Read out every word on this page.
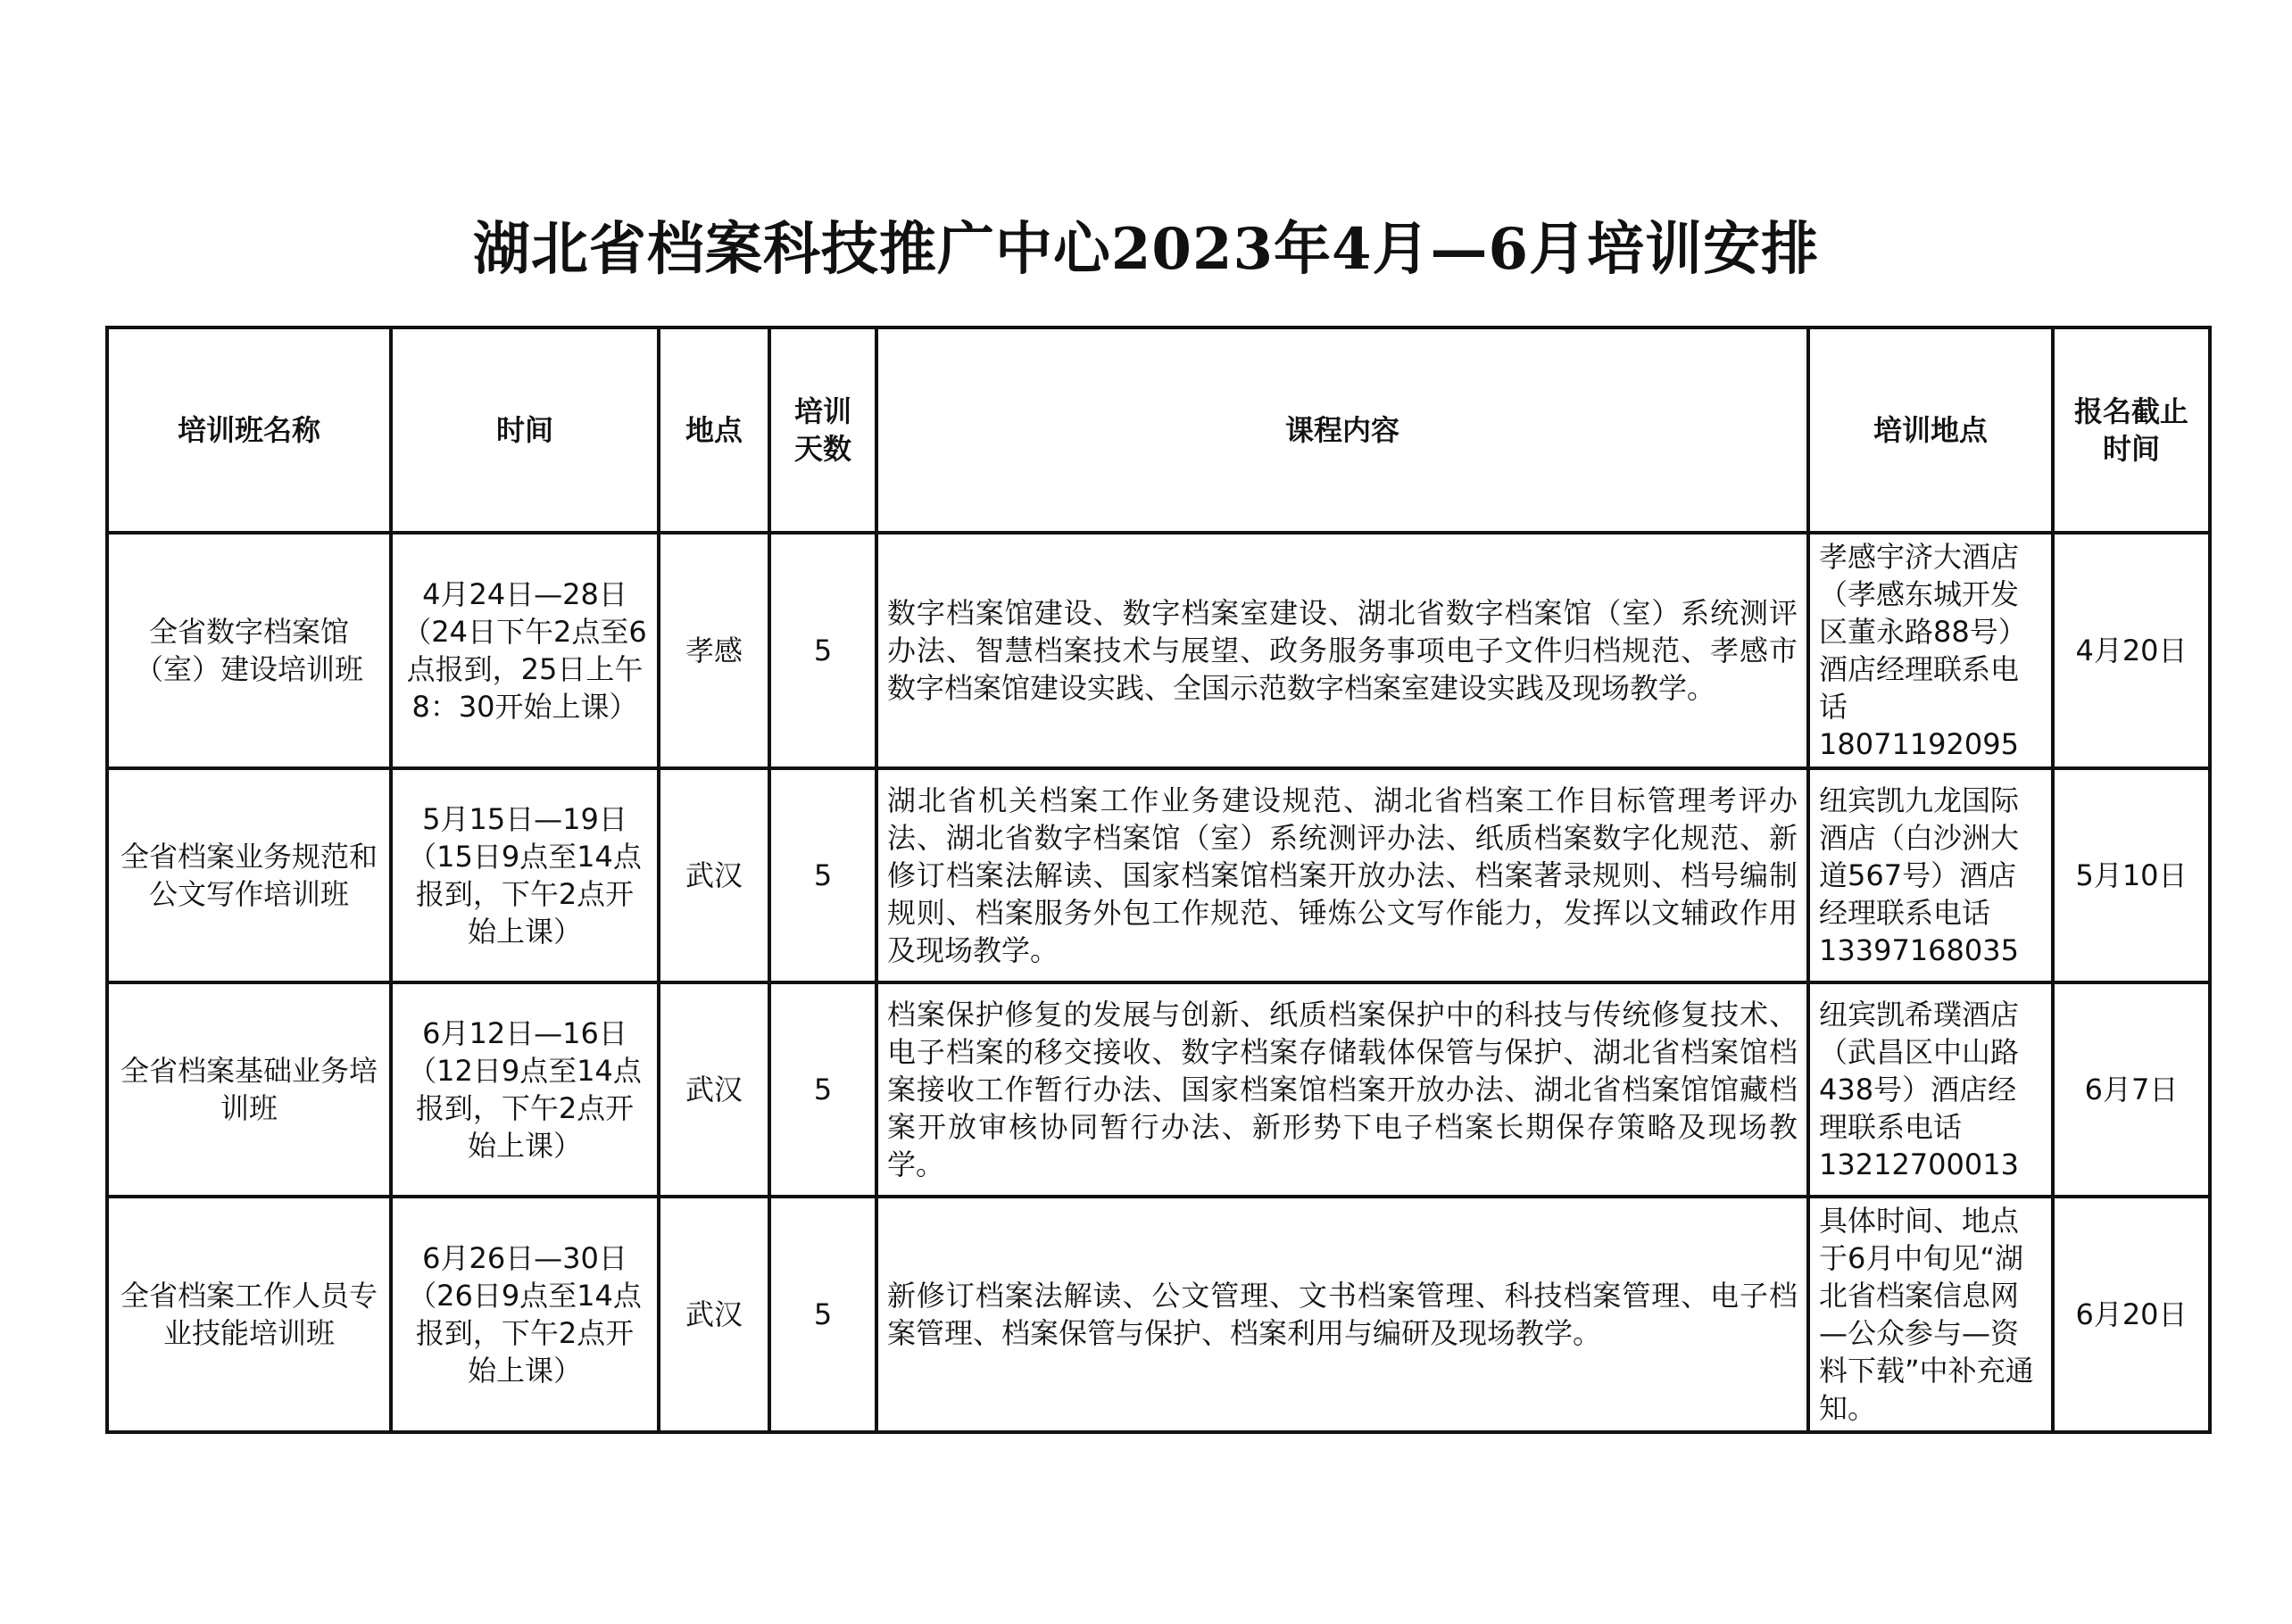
湖北省档案科技推广中心2023年4月—6月培训安排
培训班名称	时间	地点	培训天数	课程内容	培训地点	报名截止时间
全省数字档案馆（室）建设培训班	4月24日—28日（24日下午2点至6点报到，25日上午8：30开始上课）	孝感	5	数字档案馆建设、数字档案室建设、湖北省数字档案馆（室）系统测评办法、智慧档案技术与展望、政务服务事项电子文件归档规范、孝感市数字档案馆建设实践、全国示范数字档案室建设实践及现场教学。	孝感宇济大酒店（孝感东城开发区董永路88号）酒店经理联系电话18071192095	4月20日
全省档案业务规范和公文写作培训班	5月15日—19日（15日9点至14点报到，下午2点开始上课）	武汉	5	湖北省机关档案工作业务建设规范、湖北省档案工作目标管理考评办法、湖北省数字档案馆（室）系统测评办法、纸质档案数字化规范、新修订档案法解读、国家档案馆档案开放办法、档案著录规则、档号编制规则、档案服务外包工作规范、锤炼公文写作能力，发挥以文辅政作用及现场教学。	纽宾凯九龙国际酒店（白沙洲大道567号）酒店经理联系电话13397168035	5月10日
全省档案基础业务培训班	6月12日—16日（12日9点至14点报到，下午2点开始上课）	武汉	5	档案保护修复的发展与创新、纸质档案保护中的科技与传统修复技术、电子档案的移交接收、数字档案存储载体保管与保护、湖北省档案馆档案接收工作暂行办法、国家档案馆档案开放办法、湖北省档案馆馆藏档案开放审核协同暂行办法、新形势下电子档案长期保存策略及现场教学。	纽宾凯希璞酒店（武昌区中山路438号）酒店经理联系电话13212700013	6月7日
全省档案工作人员专业技能培训班	6月26日—30日（26日9点至14点报到，下午2点开始上课）	武汉	5	新修订档案法解读、公文管理、文书档案管理、科技档案管理、电子档案管理、档案保管与保护、档案利用与编研及现场教学。	具体时间、地点于6月中旬见“湖北省档案信息网—公众参与—资料下载”中补充通知。	6月20日
